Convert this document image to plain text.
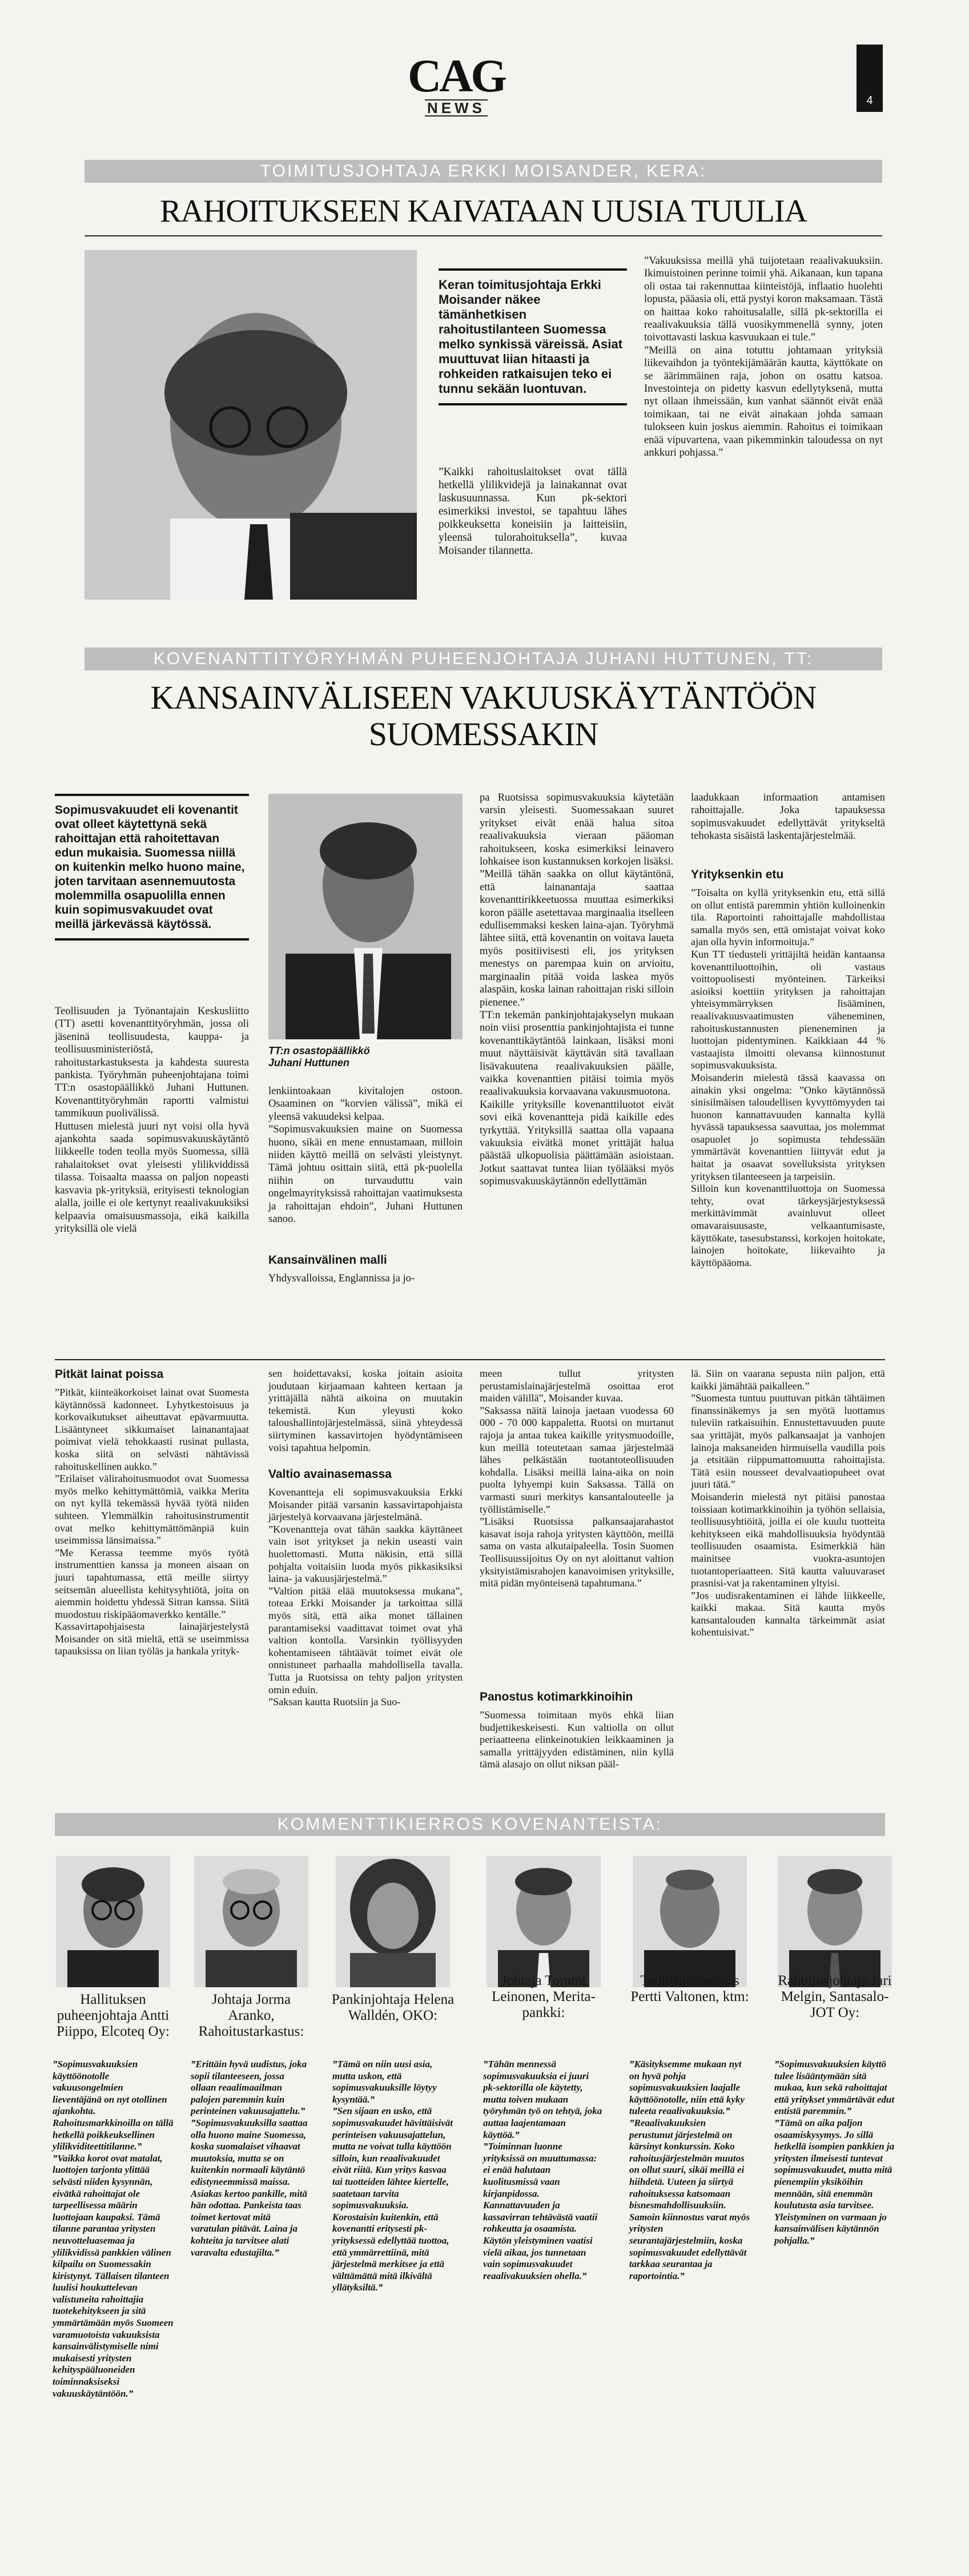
CAG
NEWS	4
TOIMITUSJOHTAJA ERKKI MOISANDER, KERA:
RAHOITUKSEEN KAIVATAAN UUSIA TUULIA
Keran toimitusjohtaja Erkki Moisander näkee tämänhetkisen rahoitustilanteen Suomessa melko synkissä väreissä. Asiat muuttuvat liian hitaasti ja rohkeiden ratkaisujen teko ei tunnu sekään luontuvan.
”Kaikki rahoituslaitokset ovat tällä hetkellä ylilikvidejä ja lainakannat ovat laskusuunnassa. Kun pk-sektori esimerkiksi investoi, se tapahtuu lähes poikkeuksetta koneisiin ja laitteisiin, yleensä tulorahoituksella”, kuvaa Moisander tilannetta.
”Vakuuksissa meillä yhä tuijotetaan reaalivakuuksiin. Ikimuistoinen perinne toimii yhä. Aikanaan, kun tapana oli ostaa tai rakennuttaa kiinteistöjä, inflaatio huolehti lopusta, pääasia oli, että pystyi koron maksamaan. Tästä on haittaa koko rahoitusalalle, sillä pk-sektorilla ei reaalivakuuksia tällä vuosikymmenellä synny, joten toivottavasti laskua kasvuukaan ei tule.”
”Meillä on aina totuttu johtamaan yrityksiä liikevaihdon ja työntekijämäärän kautta, käyttökate on se äärimmäinen raja, johon on osattu katsoa. Investointeja on pidetty kasvun edellytyksenä, mutta nyt ollaan ihmeissään, kun vanhat säännöt eivät enää toimikaan, tai ne eivät ainakaan johda samaan tulokseen kuin joskus aiemmin. Rahoitus ei toimikaan enää vipuvartena, vaan pikemminkin taloudessa on nyt ankkuri pohjassa.”
KOVENANTTITYÖRYHMÄN PUHEENJOHTAJA JUHANI HUTTUNEN, TT:
KANSAINVÄLISEEN VAKUUSKÄYTÄNTÖÖN
SUOMESSAKIN
Sopimusvakuudet eli kovenantit ovat olleet käytettynä sekä rahoittajan että rahoitettavan edun mukaisia. Suomessa niillä on kuitenkin melko huono maine, joten tarvitaan asennemuutosta molemmilla osapuolilla ennen kuin sopimusvakuudet ovat meillä järkevässä käytössä.
Teollisuuden ja Työnantajain Keskusliitto (TT) asetti kovenanttityöryhmän, jossa oli jäseninä teollisuudesta, kauppa- ja teollisuusministeriöstä, rahoitustarkastuksesta ja kahdesta suuresta pankista. Työryhmän puheenjohtajana toimi TT:n osastopäällikkö Juhani Huttunen. Kovenanttityöryhmän raportti valmistui tammikuun puolivälissä.
Huttusen mielestä juuri nyt voisi olla hyvä ajankohta saada sopimusvakuuskäytäntö liikkeelle toden teolla myös Suomessa, sillä rahalaitokset ovat yleisesti ylilikviddissä tilassa. Toisaalta maassa on paljon nopeasti kasvavia pk-yrityksiä, erityisesti teknologian alalla, joille ei ole kertynyt reaalivakuuksiksi kelpaavia omaisuusmassoja, eikä kaikilla yrityksillä ole vielä
TT:n osastopäällikkö Juhani Huttunen
lenkiintoakaan kivitalojen ostoon. Osaaminen on ”korvien välissä”, mikä ei yleensä vakuudeksi kelpaa.
”Sopimusvakuuksien maine on Suomessa huono, sikäi en mene ennustamaan, milloin niiden käyttö meillä on selvästi yleistynyt. Tämä johtuu osittain siitä, että pk-puolella niihin on turvauduttu vain ongelmayrityksissä rahoittajan vaatimuksesta ja rahoittajan ehdoin”, Juhani Huttunen sanoo.
Kansainvälinen malli
Yhdysvalloissa, Englannissa ja jo-
pa Ruotsissa sopimusvakuuksia käytetään varsin yleisesti. Suomessakaan suuret yritykset eivät enää halua sitoa reaalivakuuksia vieraan pääoman rahoitukseen, koska esimerkiksi leinavero lohkaisee ison kustannuksen korkojen lisäksi.
”Meillä tähän saakka on ollut käytäntönä, että lainanantaja saattaa kovenanttirikkeetuossa muuttaa esimerkiksi koron päälle asetettavaa marginaalia itselleen edullisemmaksi kesken laina-ajan. Työryhmä lähtee siitä, että kovenantin on voitava laueta myös positiivisesti eli, jos yrityksen menestys on parempaa kuin on arvioitu, marginaalin pitää voida laskea myös alaspäin, koska lainan rahoittajan riski silloin pienenee.”
TT:n tekemän pankinjohtajakyselyn mukaan noin viisi prosenttia pankinjohtajista ei tunne kovenanttikäytäntöä lainkaan, lisäksi moni muut näyttäisivät käyttävän sitä tavallaan lisävakuutena reaalivakuuksien päälle, vaikka kovenanttien pitäisi toimia myös reaalivakuuksia korvaavana vakuusmuotona.
Kaikille yrityksille kovenanttiluotot eivät sovi eikä kovenantteja pidä kaikille edes tyrkyttää. Yrityksillä saattaa olla vapaana vakuuksia eivätkä monet yrittäjät halua päästää ulkopuolisia päättämään asioistaan. Jotkut saattavat tuntea liian työlääksi myös sopimusvakuuskäytännön edellyttämän
laadukkaan informaation antamisen rahoittajalle. Joka tapauksessa sopimusvakuudet edellyttävät yritykseltä tehokasta sisäistä laskentajärjestelmää.
Yrityksenkin etu
”Toisalta on kyllä yrityksenkin etu, että sillä on ollut entistä paremmin yhtiön kulloinenkin tila. Raportointi rahoittajalle mahdollistaa samalla myös sen, että omistajat voivat koko ajan olla hyvin informoituja.”
Kun TT tiedusteli yrittäjiltä heidän kantaansa kovenanttiluottoihin, oli vastaus voittopuolisesti myönteinen. Tärkeiksi asioiksi koettiin yrityksen ja rahoittajan yhteisymmärryksen lisääminen, reaalivakuusvaatimusten väheneminen, rahoituskustannusten pieneneminen ja luottojan pidentyminen. Kaikkiaan 44 % vastaajista ilmoitti olevansa kiinnostunut sopimusvakuuksista.
Moisanderin mielestä tässä kaavassa on ainakin yksi ongelma: ”Onko käytännössä sinisilmäisen taloudellisen kyvyttömyyden tai huonon kannattavuuden kannalta kyllä hyvässä tapauksessa saavuttaa, jos molemmat osapuolet jo sopimusta tehdessään ymmärtävät kovenanttien liittyvät edut ja haitat ja osaavat sovelluksista yrityksen yrityksen tilanteeseen ja tarpeisiin.
Silloin kun kovenanttiluottoja on Suomessa tehty, ovat tärkeysjärjestyksessä merkittävimmät avainluvut olleet omavaraisuusaste, velkaantumisaste, käyttökate, tasesubstanssi, korkojen hoitokate, lainojen hoitokate, liikevaihto ja käyttöpääoma.
Pitkät lainat poissa
”Pitkät, kiinteäkorkoiset lainat ovat Suomesta käytännössä kadonneet. Lyhytkestoisuus ja korkovaikutukset aiheuttavat epävarmuutta. Lisääntyneet sikkumaiset lainanantajaat poimivat vielä tehokkaasti rusinat pullasta, koska siitä on selvästi nähtävissä rahoituskellinen aukko.”
”Erilaiset välirahoitusmuodot ovat Suomessa myös melko kehittymättömiä, vaikka Merita on nyt kyllä tekemässä hyvää työtä niiden suhteen. Ylemmälkin rahoitusinstrumentit ovat melko kehittymättömänpiä kuin useimmissa länsimaissa.”
”Me Kerassa teemme myös työtä instrumenttien kanssa ja moneen aisaan on juuri tapahtumassa, että meille siirtyy seitsemän alueellista kehitysyhtiötä, joita on aiemmin hoidettu yhdessä Sitran kanssa. Siitä muodostuu riskipääomaverkko kentälle.”
Kassavirtapohjaisesta lainajärjestelystä Moisander on sitä mieltä, että se useimmissa tapauksissa on liian työläs ja hankala yrityk-
sen hoidettavaksi, koska joitain asioita joudutaan kirjaamaan kahteen kertaan ja yrittäjällä nähtä aikoina on muutakin tekemistä. Kun yleyusti koko taloushallintojärjestelmässä, siinä yhteydessä siirtyminen kassavirtojen hyödyntämiseen voisi tapahtua helpomin.
Valtio avainasemassa
Kovenantteja eli sopimusvakuuksia Erkki Moisander pitää varsanin kassavirtapohjaista järjestelyä korvaavana järjestelmänä.
”Kovenantteja ovat tähän saakka käyttäneet vain isot yritykset ja nekin useasti vain huolettomasti. Mutta näkisin, että sillä pohjalta voitaisiin luoda myös pikkasiksiksi laina- ja vakuusjärjestelmä.”
”Valtion pitää elää muutoksessa mukana”, toteaa Erkki Moisander ja tarkoittaa sillä myös sitä, että aika monet tällainen parantamiseksi vaadittavat toimet ovat yhä valtion kontolla. Varsinkin työllisyyden kohentamiseen tähtäävät toimet eivät ole onnistuneet parhaalla mahdollisella tavalla. Tutta ja Ruotsissa on tehty paljon yritysten omin eduin.
”Saksan kautta Ruotsiin ja Suo-
meen tullut yritysten perustamislainajärjestelmä osoittaa erot maiden välillä”, Moisander kuvaa.
”Saksassa näitä lainoja jaetaan vuodessa 60 000 - 70 000 kappaletta. Ruotsi on murtanut rajoja ja antaa tukea kaikille yritysmuodoille, kun meillä toteutetaan samaa järjestelmää lähes pelkästään tuotantoteollisuuden kohdalla. Lisäksi meillä laina-aika on noin puolta lyhyempi kuin Saksassa. Tällä on varmasti suuri merkitys kansantalouteelle ja työllistämiselle.”
”Lisäksi Ruotsissa palkansaajarahastot kasavat isoja rahoja yritysten käyttöön, meillä sama on vasta alkutaipaleella. Tosin Suomen Teollisuussijoitus Oy on nyt aloittanut valtion yksityistämisrahojen kanavoimisen yrityksille, mitä pidän myönteisenä tapahtumana.”
Panostus kotimarkkinoihin
”Suomessa toimitaan myös ehkä liian budjettikeskeisesti. Kun valtiolla on ollut periaatteena elinkeinotukien leikkaaminen ja samalla yrittäjyyden edistäminen, niin kyllä tämä alasajo on ollut niksan pääl-
lä. Siin on vaarana sepusta niin paljon, että kaikki jämähtää paikalleen.”
”Suomesta tuntuu puuttuvan pitkän tähtäimen finanssinäkemys ja sen myötä luottamus tuleviin ratkaisuihin. Ennustettavuuden puute saa yrittäjät, myös palkansaajat ja vanhojen lainoja maksaneiden hirmuisella vaudilla pois ja etsitään riippumattomuutta rahoittajista. Tätä esiin nousseet devalvaatiopuheet ovat juuri tätä.”
Moisanderin mielestä nyt pitäisi panostaa toissiaan kotimarkkinoihin ja työhön sellaisia, teollisuusyhtiöitä, joilla ei ole kuulu tuotteita kehitykseen eikä mahdollisuuksia hyödyntää teollisuuden osaamista. Esimerkkiä hän mainitsee vuokra-asuntojen tuotantoperiaatteen. Sitä kautta valuuvaraset prasnisi-vat ja rakentaminen yltyisi.
”Jos uudisrakentaminen ei lähde liikkeelle, kaikki makaa. Sitä kautta myös kansantalouden kannalta tärkeimmät asiat kohentuisivat.”
KOMMENTTIKIERROS KOVENANTEISTA:
Hallituksen puheenjohtaja Antti Piippo, Elcoteq Oy:
”Sopimusvakuuksien käyttöönotolle vakuusongelmien lieventäjänä on nyt otollinen ajankohta. Rahoitusmarkkinoilla on tällä hetkellä poikkeuksellinen ylilikviditeettitilanne.”
”Vaikka korot ovat matalat, luottojen tarjonta ylittää selvästi niiden kysynnän, eivätkä rahoittajat ole tarpeellisessa määrin luottojaan kaupaksi. Tämä tilanne parantaa yritysten neuvotteluasemaa ja ylilikvidissä pankkien välinen kilpailu on Suomessakin kiristynyt. Tällaisen tilanteen luulisi houkuttelevan valistuneita rahoittajia tuotekehitykseen ja sitä ymmärtämään myös Suomeen varamuotoista vakuuksista kansainvälistymiselle nimi mukaisesti yritysten kehityspääluoneiden toiminnaksiseksi vakuuskäytäntöön.”
Johtaja Jorma Aranko, Rahoitustarkastus:
”Erittäin hyvä uudistus, joka sopii tilanteeseen, jossa ollaan reaalimaailman palojen paremmin kuin perinteinen vakuusajattelu.”
”Sopimusvakuuksilla saattaa olla huono maine Suomessa, koska suomalaiset vihaavat muutoksia, mutta se on kuitenkin normaali käytäntö edistyneemmissä maissa. Asiakas kertoo pankille, mitä hän odottaa. Pankeista taas toimet kertovat mitä varatulan pitävät. Laina ja kohteita ja tarvitsee alati varavalta edustajilta.”
Pankinjohtaja Helena Walldén, OKO:
”Tämä on niin uusi asia, mutta uskon, että sopimusvakuuksille löytyy kysyntää.”
”Sen sijaan en usko, että sopimusvakuudet hävittäisivät perinteisen vakuusajattelun, mutta ne voivat tulla käyttöön silloin, kun reaalivakuudet eivät riitä. Kun yritys kasvaa tai tuotteiden lähtee kiertelle, saatetaan tarvita sopimusvakuuksia. Korostaisin kuitenkin, että kovenantti eritysesti pk-yrityksessä edellyttää tuottoa, että ymmärrettiinä, mitä järjestelmä merkitsee ja että välttämättä mitä ilkivältä yllätyksiltä.”
Johtaja Tommi Leinonen, Merita-pankki:
”Tähän mennessä sopimusvakuuksia ei juuri pk-sektorilla ole käytetty, mutta toiven mukaan työryhmän työ on tehtyä, joka auttaa laajentamaan käyttöä.”
”Toiminnan luonne yrityksissä on muuttumassa: ei enää halutaan kuolitusmissä vaan kirjanpidossa. Kannattavuuden ja kassavirran tehtävästä vaatii rohkeutta ja osaamista. Käytön yleistyminen vaatisi vielä aikaa, jos tunnetaan vain sopimusvakuudet reaalivakuuksien ohella.”
Teollisuusneuvos Pertti Valtonen, ktm:
”Käsityksemme mukaan nyt on hyvä pohja sopimusvakuuksien laajalle käyttöönotolle, niin että kyky tuleeta reaalivakuuksia.”
”Reaalivakuuksien perustunut järjestelmä on kärsinyt konkurssin. Koko rahoitusjärjestelmän muutos on ollut suuri, sikäi meillä ei hiihdetä. Uuteen ja siirtyä rahoituksessa katsomaan bisnesmahdollisuuksiin. Samoin kiinnostus varat myös yritysten seurantajärjestelmiin, koska sopimusvakuudet edellyttävät tarkkaa seurantaa ja raportointia.”
Rahoitusjohtaja Jari Melgin, Santasalo-JOT Oy:
”Sopimusvakuuksien käyttö tulee lisääntymään sitä mukaa, kun sekä rahoittajat että yritykset ymmärtävät edut entistä paremmin.”
”Tämä on aika paljon osaamiskysymys. Jo sillä hetkellä isompien pankkien ja yritysten ilmeisesti tuntevat sopimusvakuudet, mutta mitä pienempiin yksiköihin mennään, sitä enemmän koulutusta asia tarvitsee. Yleistyminen on varmaan jo kansainvälisen käytännön pohjalla.”
